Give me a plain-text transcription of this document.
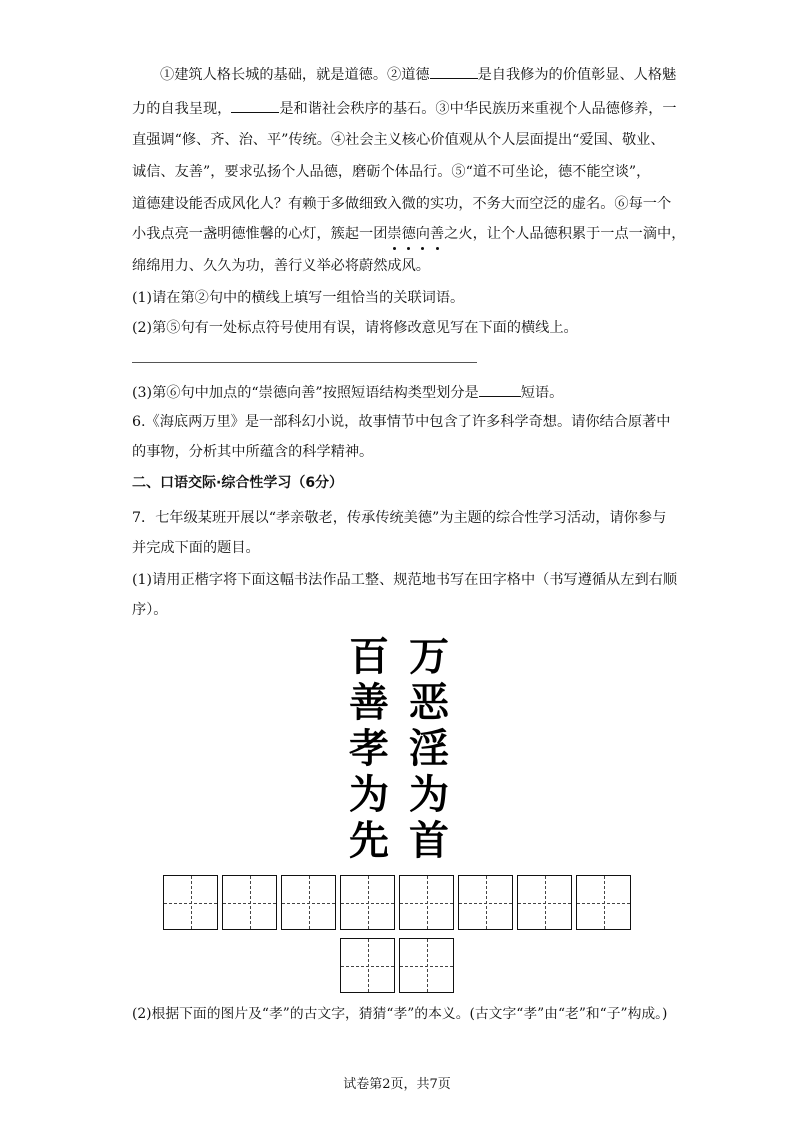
①建筑人格长城的基础，就是道德。②道德	是自我修为的价值彰显、人格魅
力的自我呈现，	是和谐社会秩序的基石。③中华民族历来重视个人品德修养，一
直强调“修、齐、治、平”传统。④社会主义核心价值观从个人层面提出“爱国、敬业、
诚信、友善”，要求弘扬个人品德，磨砺个体品行。⑤“道不可坐论，德不能空谈”，
道德建设能否成风化人？有赖于多做细致入微的实功，不务大而空泛的虚名。⑥每一个
小我点亮一盏明德惟馨的心灯，簇起一团崇德向善之火，让个人品德积累于一点一滴中，
绵绵用力、久久为功，善行义举必将蔚然成风。
(1)请在第②句中的横线上填写一组恰当的关联词语。
(2)第⑤句有一处标点符号使用有误，请将修改意见写在下面的横线上。
(3)第⑥句中加点的“崇德向善”按照短语结构类型划分是	短语。
6.《海底两万里》是一部科幻小说，故事情节中包含了许多科学奇想。请你结合原著中
的事物，分析其中所蕴含的科学精神。
二、口语交际·综合性学习（6分）
7．七年级某班开展以“孝亲敬老，传承传统美德”为主题的综合性学习活动，请你参与
并完成下面的题目。
(1)请用正楷字将下面这幅书法作品工整、规范地书写在田字格中（书写遵循从左到右顺
序）。
百
善
孝
为
先
万
恶
淫
为
首
(2)根据下面的图片及“孝”的古文字，猜猜“孝”的本义。(古文字“孝”由“老”和“子”构成。)
试卷第2页，共7页
